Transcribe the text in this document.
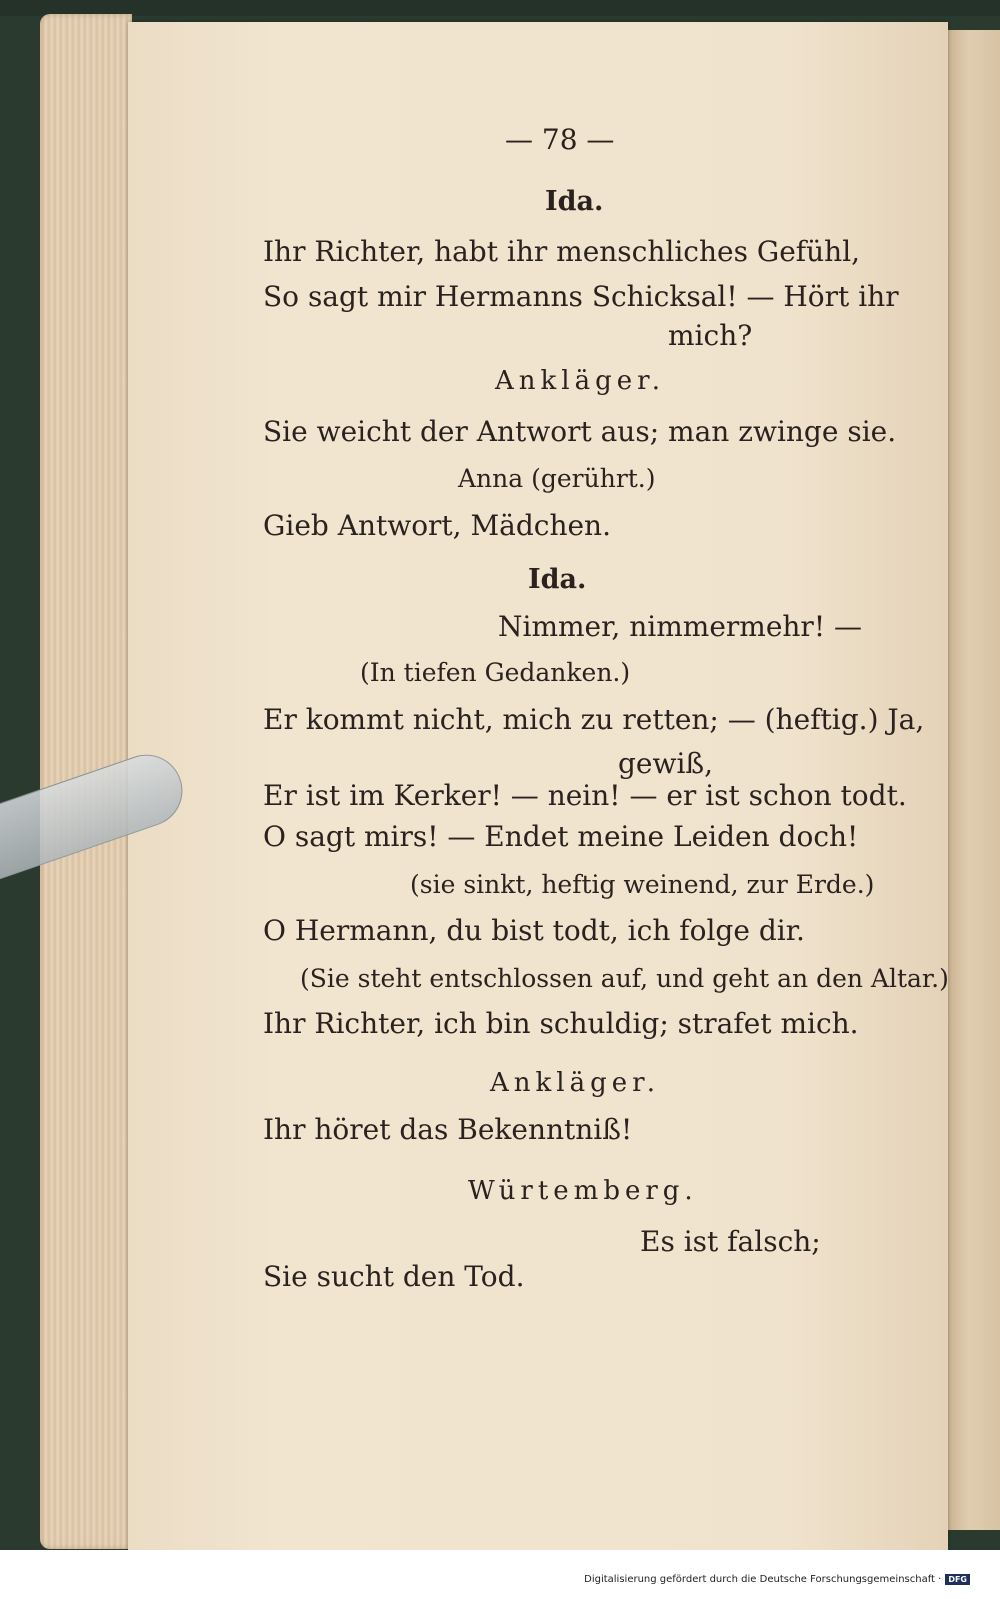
— 78 —
Ida.
Ihr Richter, habt ihr menschliches Gefühl,
So sagt mir Hermanns Schicksal! — Hört ihr
mich?
Ankläger.
Sie weicht der Antwort aus; man zwinge sie.
Anna (gerührt.)
Gieb Antwort, Mädchen.
Ida.
Nimmer, nimmermehr! —
(In tiefen Gedanken.)
Er kommt nicht, mich zu retten; — (heftig.) Ja,
gewiß,
Er ist im Kerker! — nein! — er ist schon todt.
O sagt mirs! — Endet meine Leiden doch!
(sie sinkt, heftig weinend, zur Erde.)
O Hermann, du bist todt, ich folge dir.
(Sie steht entschlossen auf, und geht an den Altar.)
Ihr Richter, ich bin schuldig; strafet mich.
Ankläger.
Ihr höret das Bekenntniß!
Würtemberg.
Es ist falsch;
Sie sucht den Tod.
Digitalisierung gefördert durch die Deutsche Forschungsgemeinschaft · DFG
